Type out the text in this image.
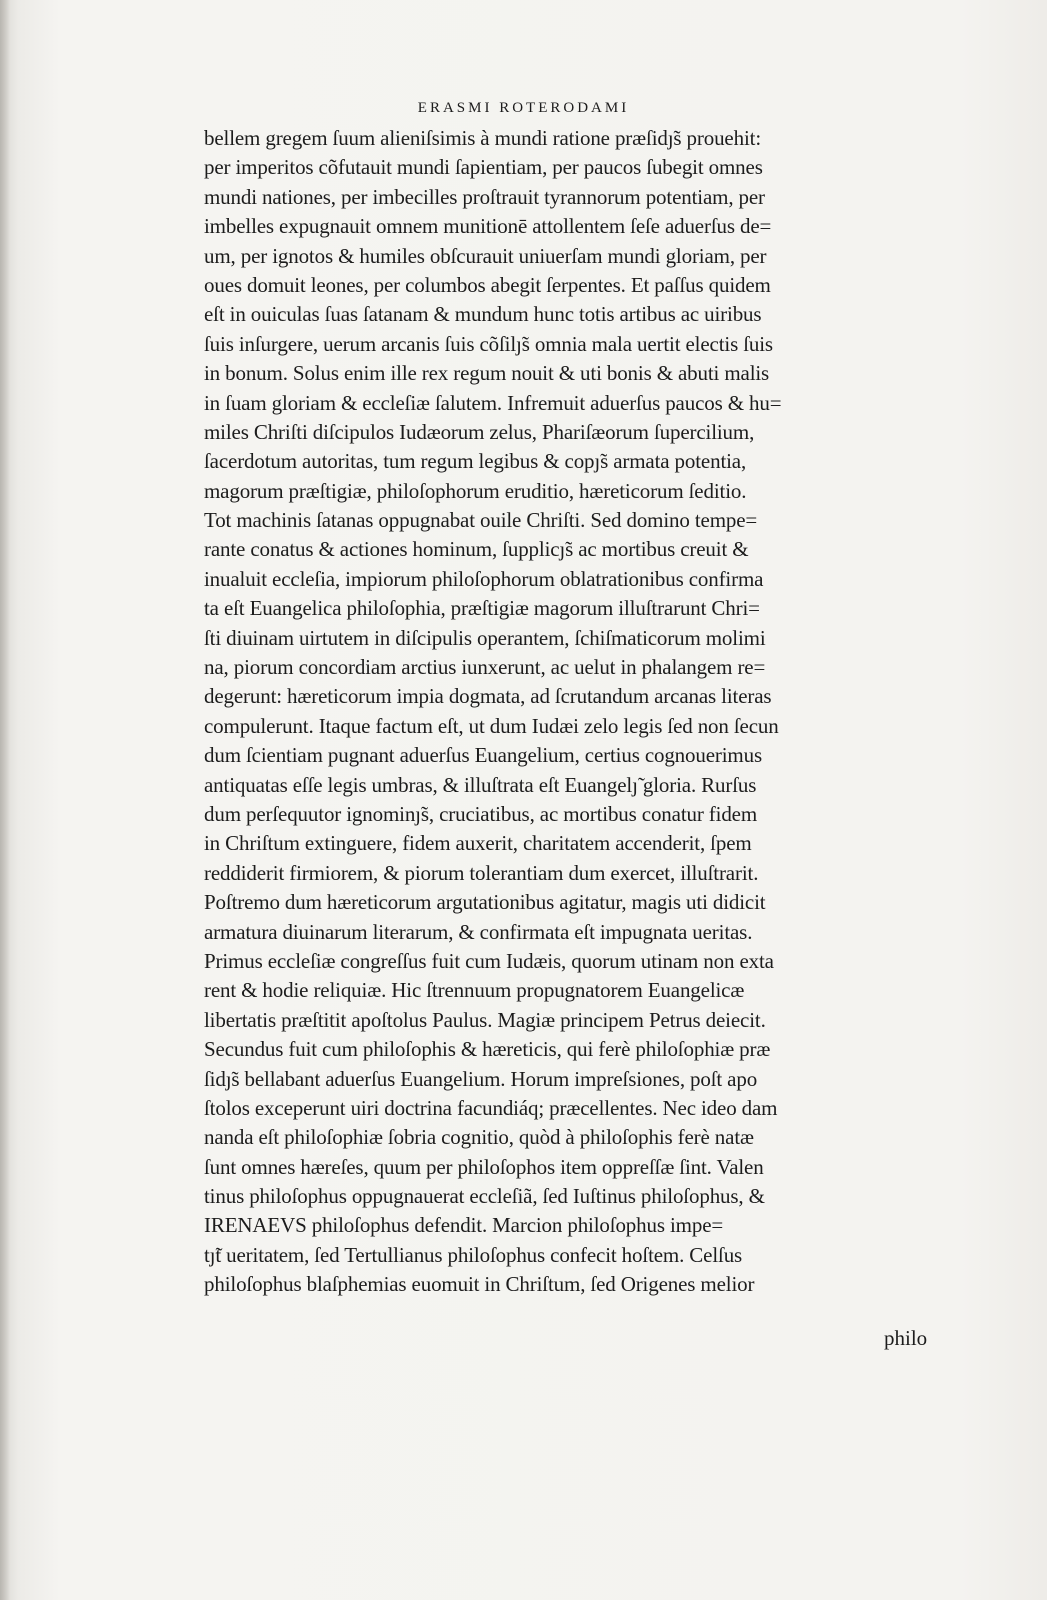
ERASMI ROTERODAMI
bellem gregem ſuum alieniſsimis à mundi ratione præſidȷ̃s prouehit:
per imperitos cõfutauit mundi ſapientiam, per paucos ſubegit omnes
mundi nationes, per imbecilles proſtrauit tyrannorum potentiam, per
imbelles expugnauit omnem munitionē attollentem ſeſe aduerſus de=
um, per ignotos & humiles obſcurauit uniuerſam mundi gloriam, per
oues domuit leones, per columbos abegit ſerpentes. Et paſſus quidem
eſt in ouiculas ſuas ſatanam & mundum hunc totis artibus ac uiribus
ſuis inſurgere, uerum arcanis ſuis cõſilȷ̃s omnia mala uertit electis ſuis
in bonum. Solus enim ille rex regum nouit & uti bonis & abuti malis
in ſuam gloriam & eccleſiæ ſalutem. Infremuit aduerſus paucos & hu=
miles Chriſti diſcipulos Iudæorum zelus, Phariſæorum ſupercilium,
ſacerdotum autoritas, tum regum legibus & copȷ̃s armata potentia,
magorum præſtigiæ, philoſophorum eruditio, hæreticorum ſeditio.
Tot machinis ſatanas oppugnabat ouile Chriſti. Sed domino tempe=
rante conatus & actiones hominum, ſupplicȷ̃s ac mortibus creuit &
inualuit eccleſia, impiorum philoſophorum oblatrationibus confirma
ta eſt Euangelica philoſophia, præſtigiæ magorum illuſtrarunt Chri=
ſti diuinam uirtutem in diſcipulis operantem, ſchiſmaticorum molimi
na, piorum concordiam arctius iunxerunt, ac uelut in phalangem re=
degerunt: hæreticorum impia dogmata, ad ſcrutandum arcanas literas
compulerunt. Itaque factum eſt, ut dum Iudæi zelo legis ſed non ſecun
dum ſcientiam pugnant aduerſus Euangelium, certius cognouerimus
antiquatas eſſe legis umbras, & illuſtrata eſt Euangelȷ̃ gloria. Rurſus
dum perſequutor ignominȷ̃s, cruciatibus, ac mortibus conatur fidem
in Chriſtum extinguere, fidem auxerit, charitatem accenderit, ſpem
reddiderit firmiorem, & piorum tolerantiam dum exercet, illuſtrarit.
Poſtremo dum hæreticorum argutationibus agitatur, magis uti didicit
armatura diuinarum literarum, & confirmata eſt impugnata ueritas.
Primus eccleſiæ congreſſus fuit cum Iudæis, quorum utinam non exta
rent & hodie reliquiæ. Hic ſtrennuum propugnatorem Euangelicæ
libertatis præſtitit apoſtolus Paulus. Magiæ principem Petrus deiecit.
Secundus fuit cum philoſophis & hæreticis, qui ferè philoſophiæ præ
ſidȷ̃s bellabant aduerſus Euangelium. Horum impreſsiones, poſt apo
ſtolos exceperunt uiri doctrina facundiáq; præcellentes. Nec ideo dam
nanda eſt philoſophiæ ſobria cognitio, quòd à philoſophis ferè natæ
ſunt omnes hæreſes, quum per philoſophos item oppreſſæ ſint. Valen
tinus philoſophus oppugnauerat eccleſiã, ſed Iuſtinus philoſophus, &
IRENAEVS philoſophus defendit. Marcion philoſophus impe=
tȷ̃t ueritatem, ſed Tertullianus philoſophus confecit hoſtem. Celſus
philoſophus blaſphemias euomuit in Chriſtum, ſed Origenes melior
philo
